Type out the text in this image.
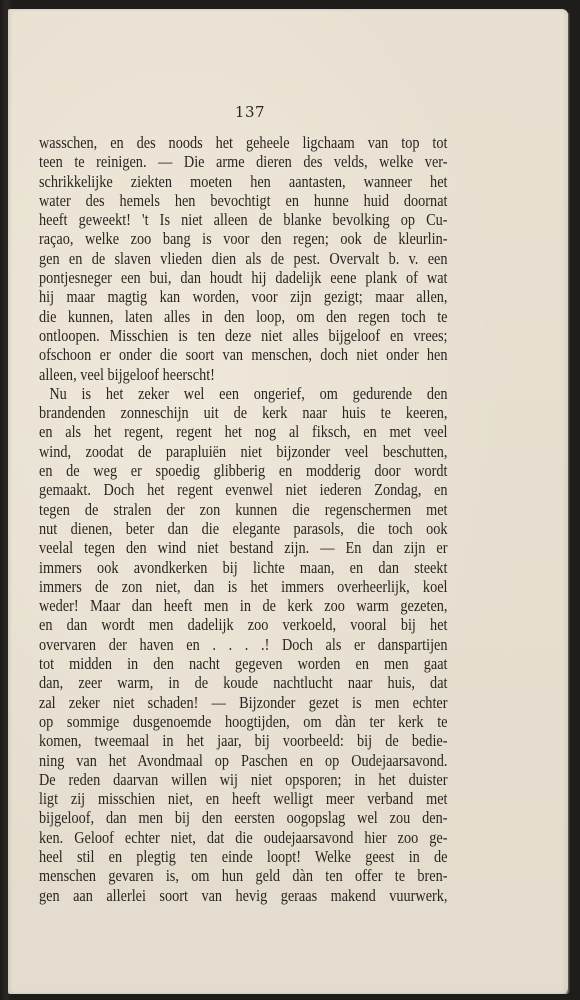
137
wasschen, en des noods het geheele ligchaam van top tot
teen te reinigen. — Die arme dieren des velds, welke ver-
schrikkelijke ziekten moeten hen aantasten, wanneer het
water des hemels hen bevochtigt en hunne huid doornat
heeft geweekt! 't Is niet alleen de blanke bevolking op Cu-
raçao, welke zoo bang is voor den regen; ook de kleurlin-
gen en de slaven vlieden dien als de pest. Overvalt b. v. een
pontjesneger een bui, dan houdt hij dadelijk eene plank of wat
hij maar magtig kan worden, voor zijn gezigt; maar allen,
die kunnen, laten alles in den loop, om den regen toch te
ontloopen. Misschien is ten deze niet alles bijgeloof en vrees;
ofschoon er onder die soort van menschen, doch niet onder hen
alleen, veel bijgeloof heerscht!
Nu is het zeker wel een ongerief, om gedurende den
brandenden zonneschijn uit de kerk naar huis te keeren,
en als het regent, regent het nog al fiksch, en met veel
wind, zoodat de parapluiën niet bijzonder veel beschutten,
en de weg er spoedig glibberig en modderig door wordt
gemaakt. Doch het regent evenwel niet iederen Zondag, en
tegen de stralen der zon kunnen die regenschermen met
nut dienen, beter dan die elegante parasols, die toch ook
veelal tegen den wind niet bestand zijn. — En dan zijn er
immers ook avondkerken bij lichte maan, en dan steekt
immers de zon niet, dan is het immers overheerlijk, koel
weder! Maar dan heeft men in de kerk zoo warm gezeten,
en dan wordt men dadelijk zoo verkoeld, vooral bij het
overvaren der haven en . . . .! Doch als er danspartijen
tot midden in den nacht gegeven worden en men gaat
dan, zeer warm, in de koude nachtlucht naar huis, dat
zal zeker niet schaden! — Bijzonder gezet is men echter
op sommige dusgenoemde hoogtijden, om dàn ter kerk te
komen, tweemaal in het jaar, bij voorbeeld: bij de bedie-
ning van het Avondmaal op Paschen en op Oudejaarsavond.
De reden daarvan willen wij niet opsporen; in het duister
ligt zij misschien niet, en heeft welligt meer verband met
bijgeloof, dan men bij den eersten oogopslag wel zou den-
ken. Geloof echter niet, dat die oudejaarsavond hier zoo ge-
heel stil en plegtig ten einde loopt! Welke geest in de
menschen gevaren is, om hun geld dàn ten offer te bren-
gen aan allerlei soort van hevig geraas makend vuurwerk,
